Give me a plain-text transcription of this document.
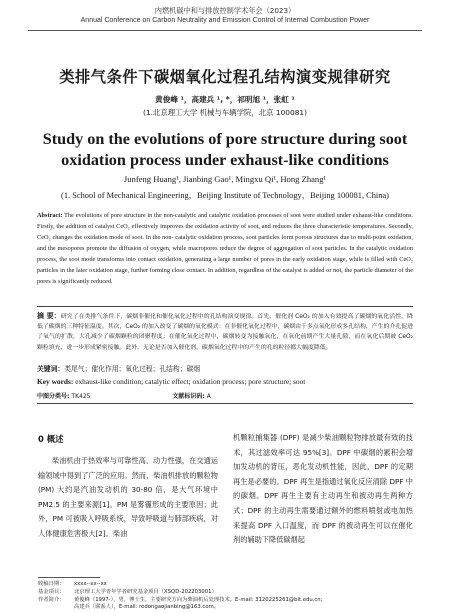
内燃机碳中和与排放控制学术年会（2023）
Annual Conference on Carbon Neutrality and Emission Control of Internal Combustion Power
类排气条件下碳烟氧化过程孔结构演变规律研究
黄俊峰 ¹，高建兵 ¹, *，祁明旭 ¹，张虹 ¹
(1.北京理工大学 机械与车辆学院，北京 100081)
Study on the evolutions of pore structure during soot oxidation process under exhaust-like conditions
Junfeng Huang¹, Jianbing Gao¹, Mingxu Qi¹, Hong Zhang¹
(1. School of Mechanical Engineering，Beijing Institute of Technology，Beijing 100081, China)
Abstract: The evolutions of pore structure in the non-catalytic and catalytic oxidation processes of soot were studied under exhaust-like conditions. Firstly, the addition of catalyst CeO₂ effectively improves the oxidation activity of soot, and reduces the three characteristic temperatures. Secondly, CeO₂ changes the oxidation mode of soot. In the non- catalytic oxidation process, soot particles form porous structures due to multi-point oxidation, and the mesopores promote the diffusion of oxygen, while macropores reduce the degree of aggregation of soot particles. In the catalytic oxidation process, the soot mode transforms into contact oxidation, generating a large number of pores in the early oxidation stage, while is filled with CeO₂ particles in the later oxidation stage, further forming close contact. In addition, regardless of the catalyst is added or not, the particle diameter of the pores is significantly reduced.
摘 要：研究了在类排气条件下，碳烟非催化和催化氧化过程中的孔结构演变规律。首先，催化剂 CeO₂ 的加入有效提高了碳烟的氧化活性，降低了碳烟的三种特征温度。其次，CeO₂ 的加入改变了碳烟的氧化模式：在非催化氧化过程中，碳烟由于多点氧化形成多孔结构，产生的介孔促进了氧气的扩散，大孔减少了碳烟颗粒的团聚程度；在催化氧化过程中，碳烟转变为接触氧化，在氧化前期产生大量孔隙，而在氧化后期被 CeO₂ 颗粒填充，进一步形成紧密接触。此外，无论是否加入催化剂，碳烟氧化过程中的产生的孔的粒径都大幅度降低。
关键词：类尾气；催化作用；氧化过程；孔结构；碳烟
Key words: exhaust-like condition; catalytic effect; oxidation process; pore structure; soot
中图分类号: TK425	文献标识码: A
0 概述
柴油机由于热效率与可靠性高、动力性强，在交通运输领域中得到了广泛的应用。然而，柴油机排放的颗粒物 (PM) 大约是汽油发动机的 30-80 倍，是大气环境中 PM2.5 的主要来源[1]。PM 是雾霾形成的主要原因；此外，PM 可被吸入呼吸系统，导致呼吸道与肺部疾病，对人体健康危害极大[2]。柴油
机颗粒捕集器 (DPF) 是减少柴油颗粒物排放最有效的技术，其过滤效率可达 95%[3]。DPF 中碳烟的累积会增加发动机的背压，恶化发动机性能，因此，DPF 的定期再生是必要的。DPF 再生是指通过氧化反应清除 DPF 中的碳烟。DPF 再生主要有主动再生和被动再生两种方式；DPF 的主动再生需要通过额外的燃料喷射或电加热来提高 DPF 入口温度，而 DPF 的被动再生可以在催化剂的辅助下降低碳烟起
收稿日期：	xxxx--xx--xx
基金项目：	北京理工大学青年学者研究基金项目（XSQD-202203001）
作者简介：	黄俊峰（1997-），男，博士生，主要研究方向为柴油机后处理技术。E-mail: 3120225261@bit.edu.cn;
高建兵（联系人），E-mail: redongaojianbing@163.com。
